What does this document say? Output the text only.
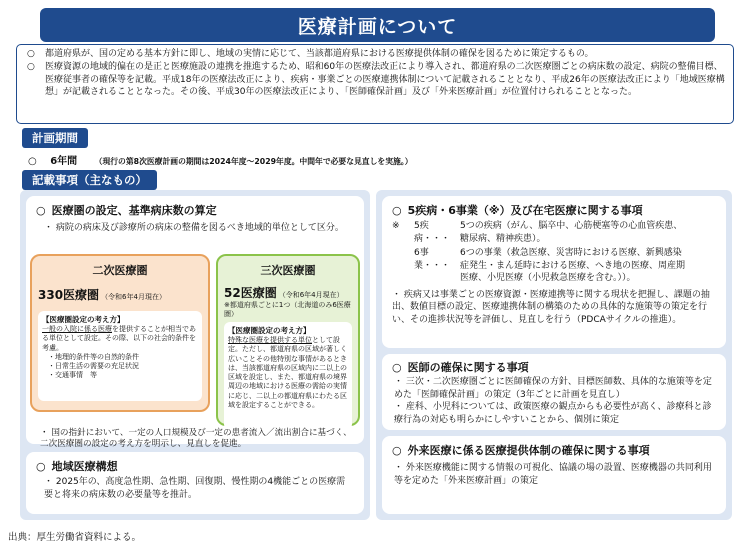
医療計画について

○ 都道府県が、国の定める基本方針に即し、地域の実情に応じて、当該都道府県における医療提供体制の確保を図るために策定するもの。

○ 医療資源の地域的偏在の是正と医療施設の連携を推進するため、昭和60年の医療法改正により導入され、都道府県の二次医療圏ごとの病床数の設定、病院の整備目標、医療従事者の確保等を記載。平成18年の医療法改正により、疾病・事業ごとの医療連携体制について記載されることとなり、平成26年の医療法改正により「地域医療構想」が記載されることとなった。その後、平成30年の医療法改正により、「医師確保計画」及び「外来医療計画」が位置付けられることとなった。

計画期間
○ 6年間 （現行の第8次医療計画の期間は2024年度～2029年度。中間年で必要な見直しを実施。）
記載事項（主なもの）
○ 医療圏の設定、基準病床数の算定
・ 病院の病床及び診療所の病床の整備を図るべき地域的単位として区分。
二次医療圏
330医療圏 （令和6年4月現在）
【医療圏設定の考え方】
一般の入院に係る医療を提供することが相当である単位として設定。その際、以下の社会的条件を考慮。
・地理的条件等の自然的条件
・日常生活の需要の充足状況
・交通事情　等
三次医療圏
52医療圏 （令和6年4月現在）
※都道府県ごとに1つ（北海道のみ6医療圏）
【医療圏設定の考え方】
特殊な医療を提供する単位として設定。ただし、都道府県の区域が著しく広いことその他特別な事情があるときは、当該都道府県の区域内に二以上の区域を設定し、また、都道府県の境界周辺の地域における医療の需給の実情に応じ、二以上の都道府県にわたる区域を設定することができる。
・ 国の指針において、一定の人口規模及び一定の患者流入／流出割合に基づく、二次医療圏の設定の考え方を明示し、見直しを促進。
○ 地域医療構想
・ 2025年の、高度急性期、急性期、回復期、慢性期の4機能ごとの医療需要と将来の病床数の必要量等を推計。
○ 5疾病・6事業（※）及び在宅医療に関する事項
※	5疾病・・・
5つの疾病（がん、脳卒中、心筋梗塞等の心血管疾患、糖尿病、精神疾患）。
6事業・・・
6つの事業（救急医療、災害時における医療、新興感染症発生・まん延時における医療、へき地の医療、周産期医療、小児医療（小児救急医療を含む。））。
・ 疾病又は事業ごとの医療資源・医療連携等に関する現状を把握し、課題の抽出、数値目標の設定、医療連携体制の構築のための具体的な施策等の策定を行い、その進捗状況等を評価し、見直しを行う（PDCAサイクルの推進）。
○ 医師の確保に関する事項
・ 三次・二次医療圏ごとに医師確保の方針、目標医師数、具体的な施策等を定めた「医師確保計画」の策定（3年ごとに計画を見直し）
・ 産科、小児科については、政策医療の観点からも必要性が高く、診療科と診療行為の対応も明らかにしやすいことから、個別に策定
○ 外来医療に係る医療提供体制の確保に関する事項
・ 外来医療機能に関する情報の可視化、協議の場の設置、医療機器の共同利用等を定めた「外来医療計画」の策定
出典：厚生労働省資料による。
